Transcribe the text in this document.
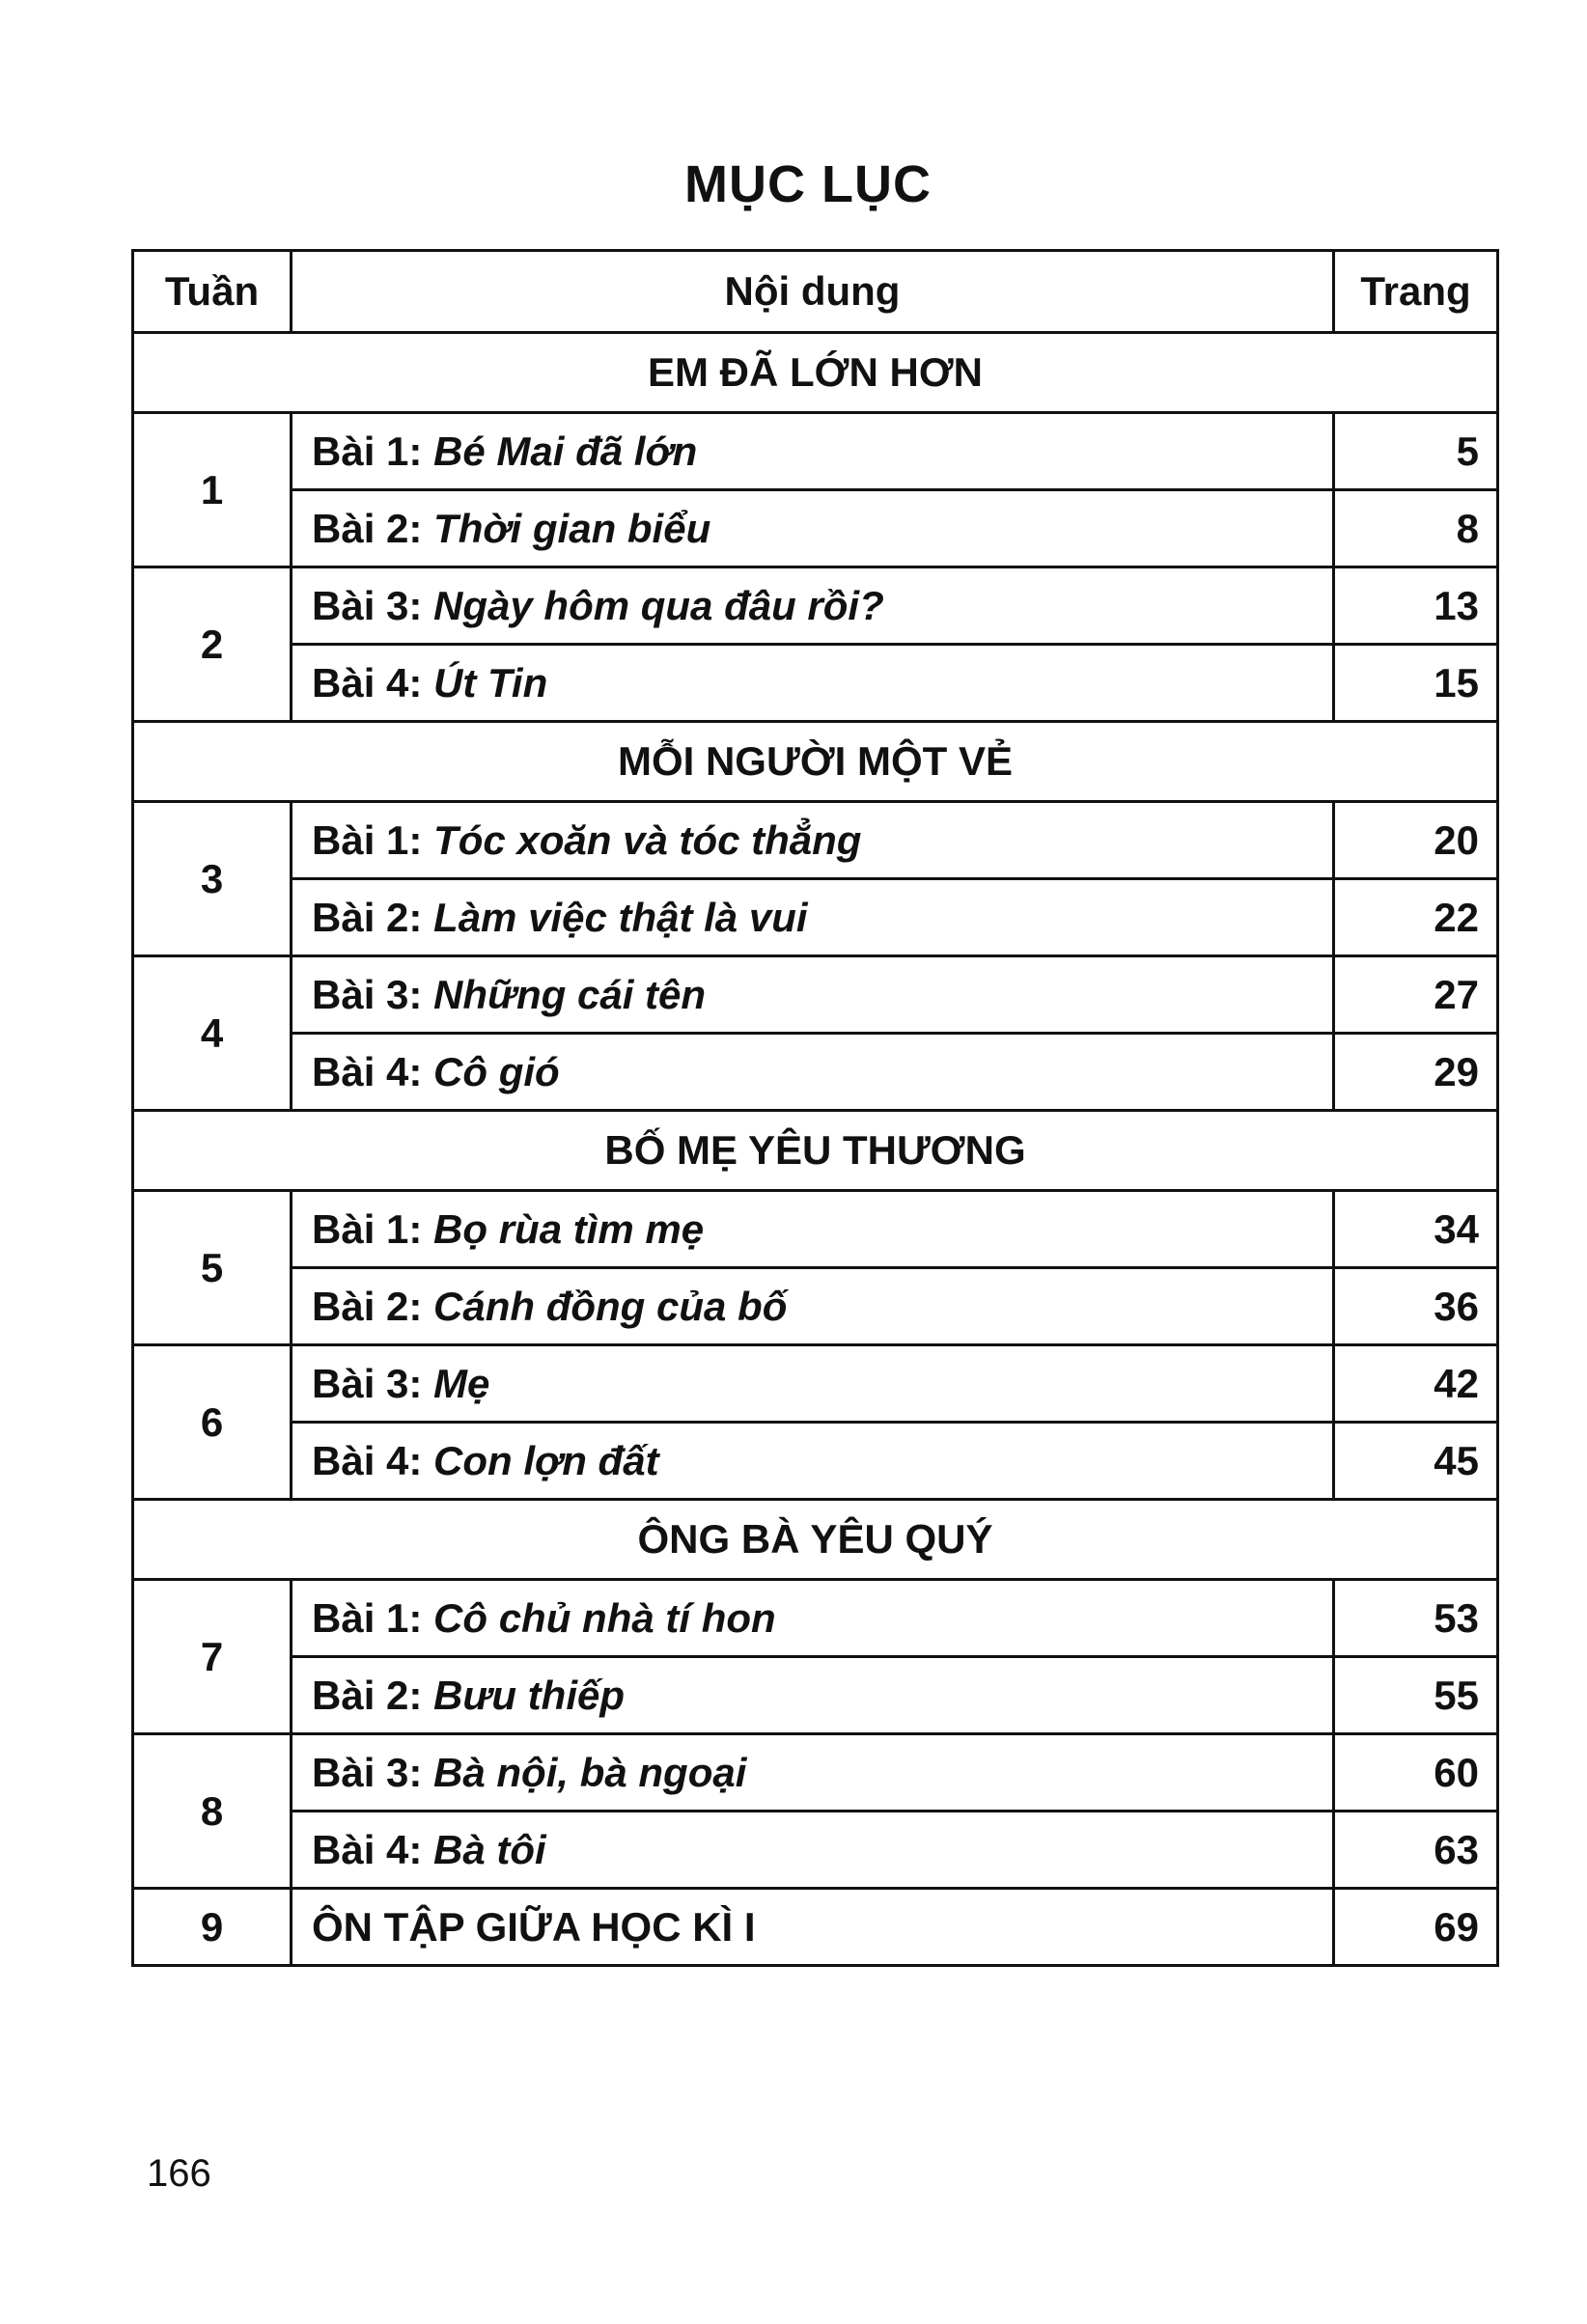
MỤC LỤC
Tuần	Nội dung	Trang
EM ĐÃ LỚN HƠN		
1	Bài 1: Bé Mai đã lớn	5
	Bài 2: Thời gian biểu	8
2	Bài 3: Ngày hôm qua đâu rồi?	13
	Bài 4: Út Tin	15
MỖI NGƯỜI MỘT VẺ		
3	Bài 1: Tóc xoăn và tóc thẳng	20
	Bài 2: Làm việc thật là vui	22
4	Bài 3: Những cái tên	27
	Bài 4: Cô gió	29
BỐ MẸ YÊU THƯƠNG		
5	Bài 1: Bọ rùa tìm mẹ	34
	Bài 2: Cánh đồng của bố	36
6	Bài 3: Mẹ	42
	Bài 4: Con lợn đất	45
ÔNG BÀ YÊU QUÝ		
7	Bài 1: Cô chủ nhà tí hon	53
	Bài 2: Bưu thiếp	55
8	Bài 3: Bà nội, bà ngoại	60
	Bài 4: Bà tôi	63
9	ÔN TẬP GIỮA HỌC KÌ I	69
166
